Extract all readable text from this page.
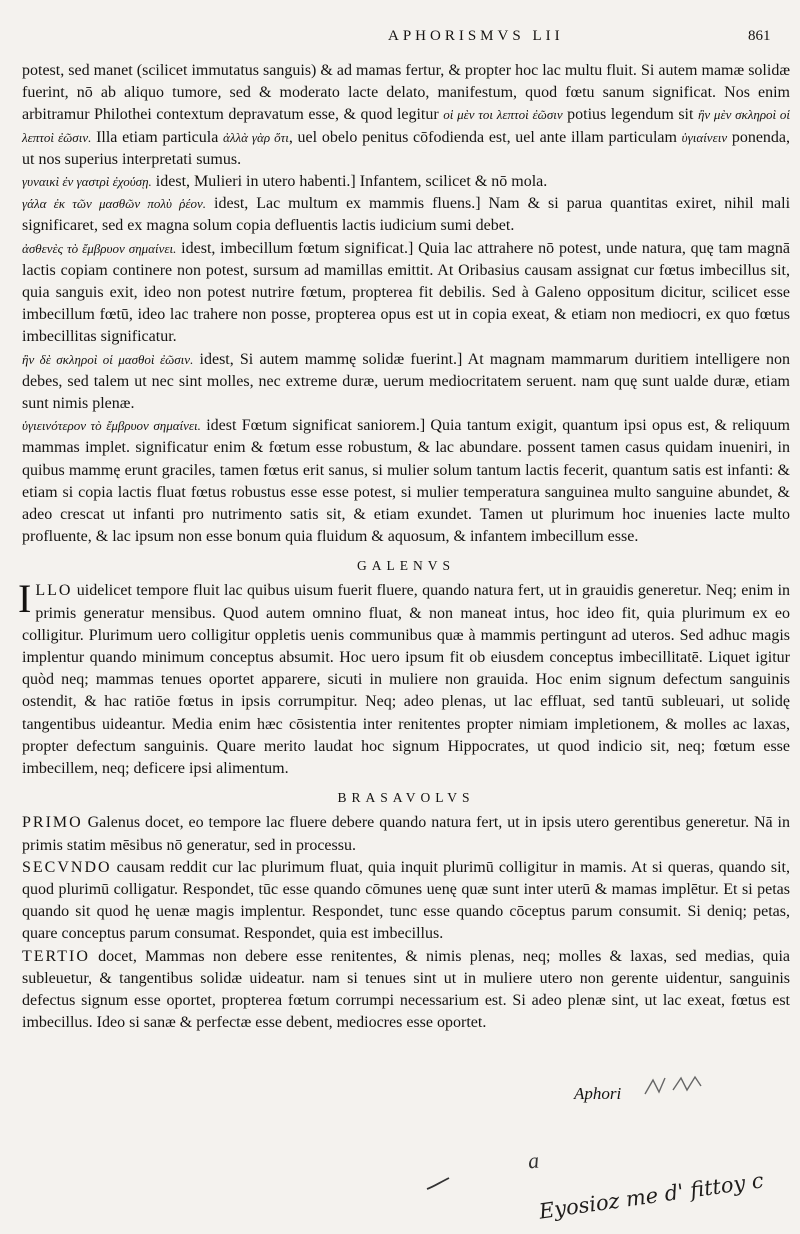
APHORISMVS LII	861

potest, sed manet (scilicet immutatus sanguis) & ad mamas fertur, & propter hoc lac multu fluit. Si autem mamæ solidæ fuerint, nō ab aliquo tumore, sed & moderato lacte delato, manifestum, quod fœtu sanum significat. Nos enim arbitramur Philothei contextum depravatum esse, & quod legitur οἱ μὲν τοι λεπτοὶ ἐῶσιν potius legendum sit ἢν μὲν σκληροὶ οἱ λεπτοὶ ἐῶσιν. Illa etiam particula ἀλλὰ γὰρ ὅτι, uel obelo penitus cōfodienda est, uel ante illam particulam ὑγιαίνειν ponenda, ut nos superius interpretati sumus.

γυναικὶ ἐν γαστρὶ ἐχούσῃ. idest, Mulieri in utero habenti.] Infantem, scilicet & nō mola.

γάλα ἐκ τῶν μασθῶν πολὺ ῥέον. idest, Lac multum ex mammis fluens.] Nam & si parua quantitas exiret, nihil mali significaret, sed ex magna solum copia defluentis lactis iudicium sumi debet.

ἀσθενὲς τὸ ἔμβρυον σημαίνει. idest, imbecillum fœtum significat.] Quia lac attrahere nō potest, unde natura, quę tam magnā lactis copiam continere non potest, sursum ad mamillas emittit. At Oribasius causam assignat cur fœtus imbecillus sit, quia sanguis exit, ideo non potest nutrire fœtum, propterea fit debilis. Sed à Galeno oppositum dicitur, scilicet esse imbecillum fœtū, ideo lac trahere non posse, propterea opus est ut in copia exeat, & etiam non mediocri, ex quo fœtus imbecillitas significatur.

ἢν δὲ σκληροὶ οἱ μασθοὶ ἐῶσιν. idest, Si autem mammę solidæ fuerint.] At magnam mammarum duritiem intelligere non debes, sed talem ut nec sint molles, nec extreme duræ, uerum mediocritatem seruent. nam quę sunt ualde duræ, etiam sunt nimis plenæ.

ὑγιεινότερον τὸ ἔμβρυον σημαίνει. idest Fœtum significat saniorem.] Quia tantum exigit, quantum ipsi opus est, & reliquum mammas implet. significatur enim & fœtum esse robustum, & lac abundare. possent tamen casus quidam inueniri, in quibus mammę erunt graciles, tamen fœtus erit sanus, si mulier solum tantum lactis fecerit, quantum satis est infanti: & etiam si copia lactis fluat fœtus robustus esse esse potest, si mulier temperatura sanguinea multo sanguine abundet, & adeo crescat ut infanti pro nutrimento satis sit, & etiam exundet. Tamen ut plurimum hoc inuenies lacte multo profluente, & lac ipsum non esse bonum quia fluidum & aquosum, & infantem imbecillum esse.

GALENVS

I LLO uidelicet tempore fluit lac quibus uisum fuerit fluere, quando natura fert, ut in grauidis generetur. Neq; enim in primis generatur mensibus. Quod autem omnino fluat, & non maneat intus, hoc ideo fit, quia plurimum ex eo colligitur. Plurimum uero colligitur oppletis uenis communibus quæ à mammis pertingunt ad uteros. Sed adhuc magis implentur quando minimum conceptus absumit. Hoc uero ipsum fit ob eiusdem conceptus imbecillitatē. Liquet igitur quòd neq; mammas tenues oportet apparere, sicuti in muliere non grauida. Hoc enim signum defectum sanguinis ostendit, & hac ratiōe fœtus in ipsis corrumpitur. Neq; adeo plenas, ut lac effluat, sed tantū subleuari, ut solidę tangentibus uideantur. Media enim hæc cōsistentia inter renitentes propter nimiam impletionem, & molles ac laxas, propter defectum sanguinis. Quare merito laudat hoc signum Hippocrates, ut quod indicio sit, neq; fœtum esse imbecillem, neq; deficere ipsi alimentum.

BRASAVOLVS

PRIMO Galenus docet, eo tempore lac fluere debere quando natura fert, ut in ipsis utero gerentibus generetur. Nā in primis statim mēsibus nō generatur, sed in processu.

SECVNDO causam reddit cur lac plurimum fluat, quia inquit plurimū colligitur in mamis. At si queras, quando sit, quod plurimū colligatur. Respondet, tūc esse quando cōmunes uenę quæ sunt inter uterū & mamas implētur. Et si petas quando sit quod hę uenæ magis implentur. Respondet, tunc esse quando cōceptus parum consumit. Si deniq; petas, quare conceptus parum consumat. Respondet, quia est imbecillus.

TERTIO docet, Mammas non debere esse renitentes, & nimis plenas, neq; molles & laxas, sed medias, quia subleuetur, & tangentibus solidæ uideatur. nam si tenues sint ut in muliere utero non gerente uidentur, sanguinis defectus signum esse oportet, propterea fœtum corrumpi necessarium est. Si adeo plenæ sint, ut lac exeat, fœtus est imbecillus. Ideo si sanæ & perfectæ esse debent, mediocres esse oportet.

Aphori
a
Eyosioz me d' fittoy c
